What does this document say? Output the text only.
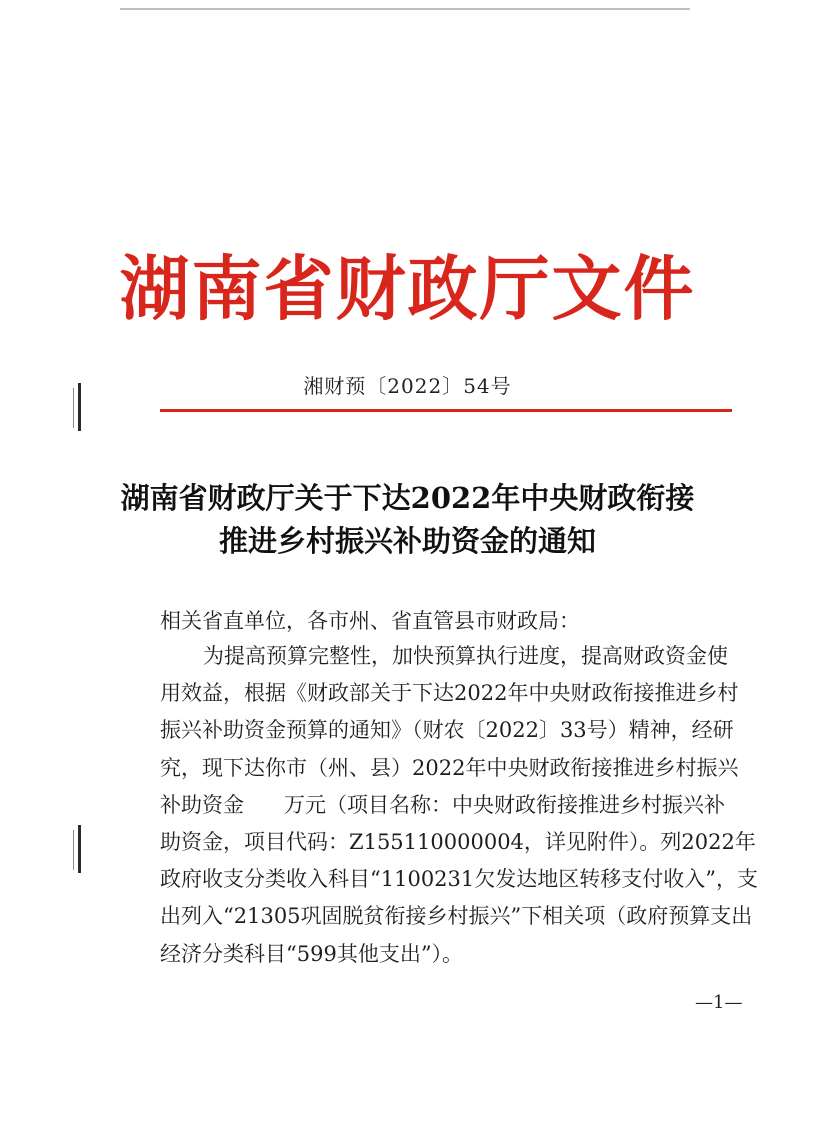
湖南省财政厅文件
湘财预〔2022〕54号
湖南省财政厅关于下达2022年中央财政衔接
推进乡村振兴补助资金的通知
相关省直单位，各市州、省直管县市财政局：
为提高预算完整性，加快预算执行进度，提高财政资金使
用效益，根据《财政部关于下达2022年中央财政衔接推进乡村
振兴补助资金预算的通知》（财农〔2022〕33号）精神，经研
究，现下达你市（州、县）2022年中央财政衔接推进乡村振兴
补助资金      万元（项目名称：中央财政衔接推进乡村振兴补
助资金，项目代码：Z155110000004，详见附件）。列2022年
政府收支分类收入科目“1100231欠发达地区转移支付收入”，支
出列入“21305巩固脱贫衔接乡村振兴”下相关项（政府预算支出
经济分类科目“599其他支出”）。
—1—
